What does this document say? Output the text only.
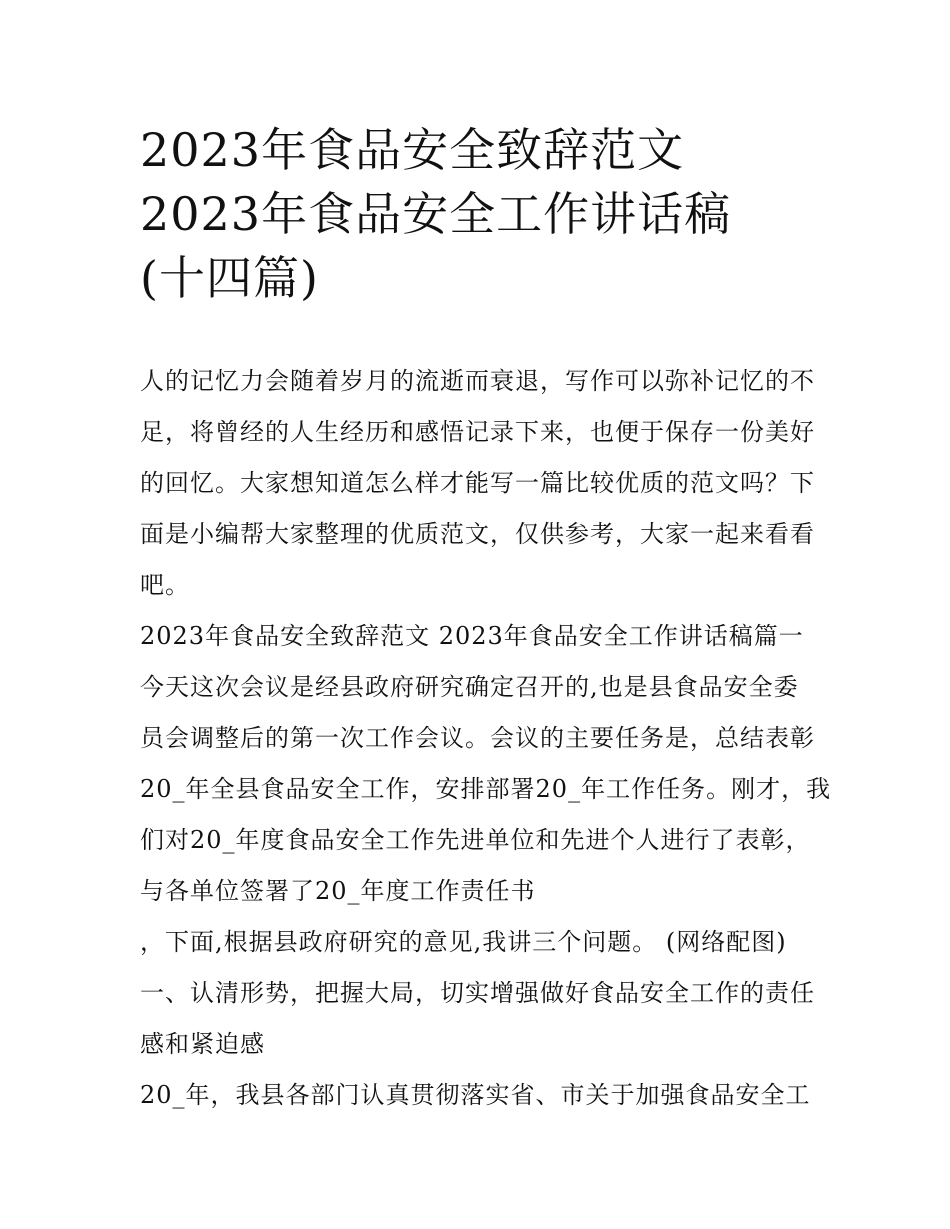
2023年食品安全致辞范文
2023年食品安全工作讲话稿
(十四篇)

人的记忆力会随着岁月的流逝而衰退，写作可以弥补记忆的不

足，将曾经的人生经历和感悟记录下来，也便于保存一份美好

的回忆。大家想知道怎么样才能写一篇比较优质的范文吗？下

面是小编帮大家整理的优质范文，仅供参考，大家一起来看看

吧。

2023年食品安全致辞范文 2023年食品安全工作讲话稿篇一

今天这次会议是经县政府研究确定召开的,也是县食品安全委

员会调整后的第一次工作会议。会议的主要任务是，总结表彰

20_年全县食品安全工作，安排部署20_年工作任务。刚才，我

们对20_年度食品安全工作先进单位和先进个人进行了表彰，

与各单位签署了20_年度工作责任书

，下面,根据县政府研究的意见,我讲三个问题。 (网络配图)

一、认清形势，把握大局，切实增强做好食品安全工作的责任

感和紧迫感

20_年，我县各部门认真贯彻落实省、市关于加强食品安全工
